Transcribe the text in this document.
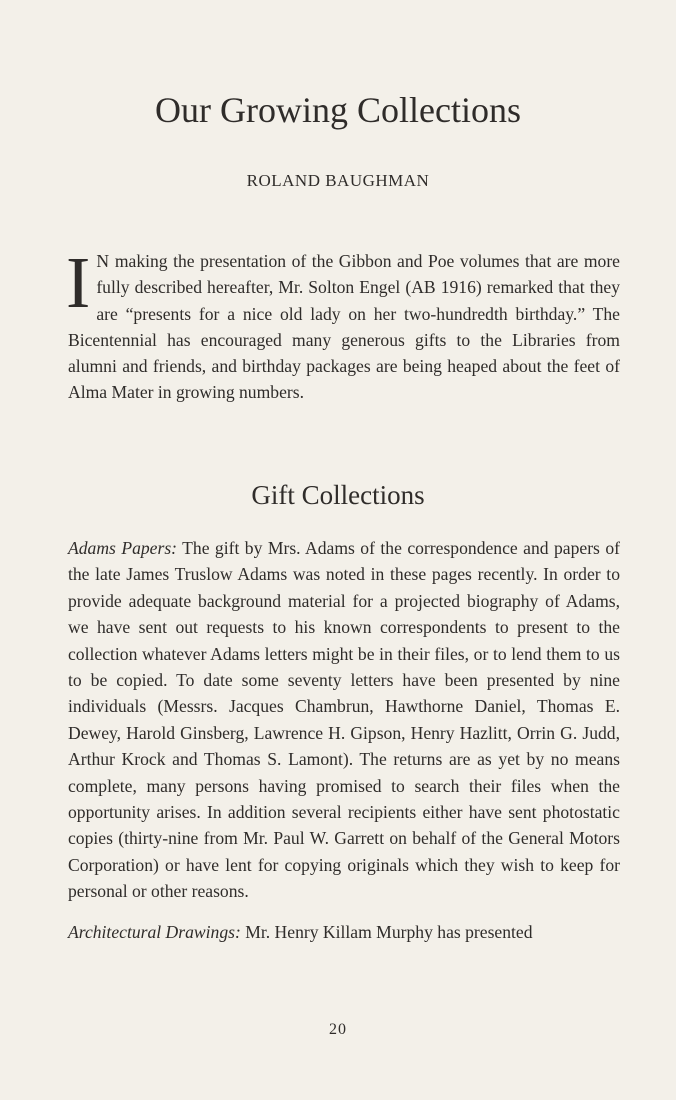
Our Growing Collections
ROLAND BAUGHMAN

I N making the presentation of the Gibbon and Poe volumes that are more fully described hereafter, Mr. Solton Engel (AB 1916) remarked that they are “presents for a nice old lady on her two-hundredth birthday.” The Bicentennial has encouraged many generous gifts to the Libraries from alumni and friends, and birthday packages are being heaped about the feet of Alma Mater in growing numbers.

Gift Collections

Adams Papers: The gift by Mrs. Adams of the correspondence and papers of the late James Truslow Adams was noted in these pages recently. In order to provide adequate background material for a projected biography of Adams, we have sent out requests to his known correspondents to present to the collection whatever Adams letters might be in their files, or to lend them to us to be copied. To date some seventy letters have been presented by nine individuals (Messrs. Jacques Chambrun, Hawthorne Daniel, Thomas E. Dewey, Harold Ginsberg, Lawrence H. Gipson, Henry Hazlitt, Orrin G. Judd, Arthur Krock and Thomas S. Lamont). The returns are as yet by no means complete, many persons having promised to search their files when the opportunity arises. In addition several recipients either have sent photostatic copies (thirty-nine from Mr. Paul W. Garrett on behalf of the General Motors Corporation) or have lent for copying originals which they wish to keep for personal or other reasons.

Architectural Drawings: Mr. Henry Killam Murphy has presented

20
